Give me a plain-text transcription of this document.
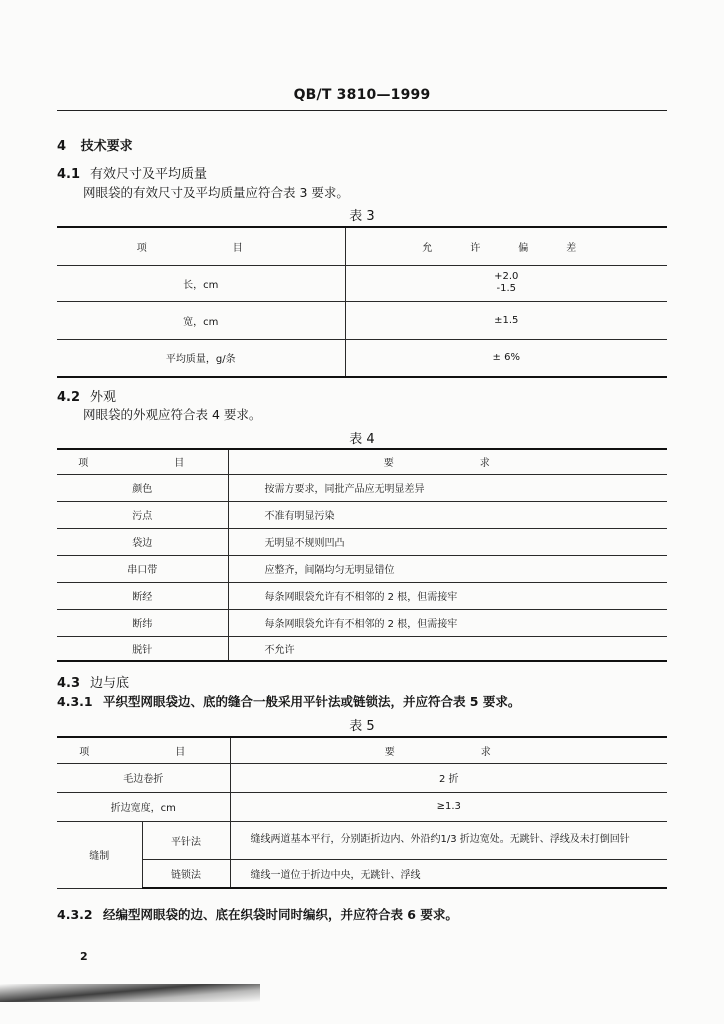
QB/T 3810—1999
4 技术要求
4.1 有效尺寸及平均质量
网眼袋的有效尺寸及平均质量应符合表 3 要求。
表 3
项　　目	允　许　偏　差
长，cm	+2.0
-1.5

宽，cm	±1.5
平均质量，g/条	± 6%
4.2 外观
网眼袋的外观应符合表 4 要求。
表 4
项　　目	要　　求
颜色	按需方要求，同批产品应无明显差异
污点	不准有明显污染
袋边	无明显不规则凹凸
串口带	应整齐，间隔均匀无明显错位
断经	每条网眼袋允许有不相邻的 2 根，但需接牢
断纬	每条网眼袋允许有不相邻的 2 根，但需接牢
脱针	不允许
4.3 边与底
4.3.1 平织型网眼袋边、底的缝合一般采用平针法或链锁法，并应符合表 5 要求。
表 5
项　　目		要　　求
毛边卷折		2 折
折边宽度，cm		≥1.3
缝制	平针法	缝线两道基本平行，分别距折边内、外沿约1/3 折边宽处。无跳针、浮线及未打倒回针
	链锁法	缝线一道位于折边中央，无跳针、浮线
4.3.2 经编型网眼袋的边、底在织袋时同时编织，并应符合表 6 要求。
2
